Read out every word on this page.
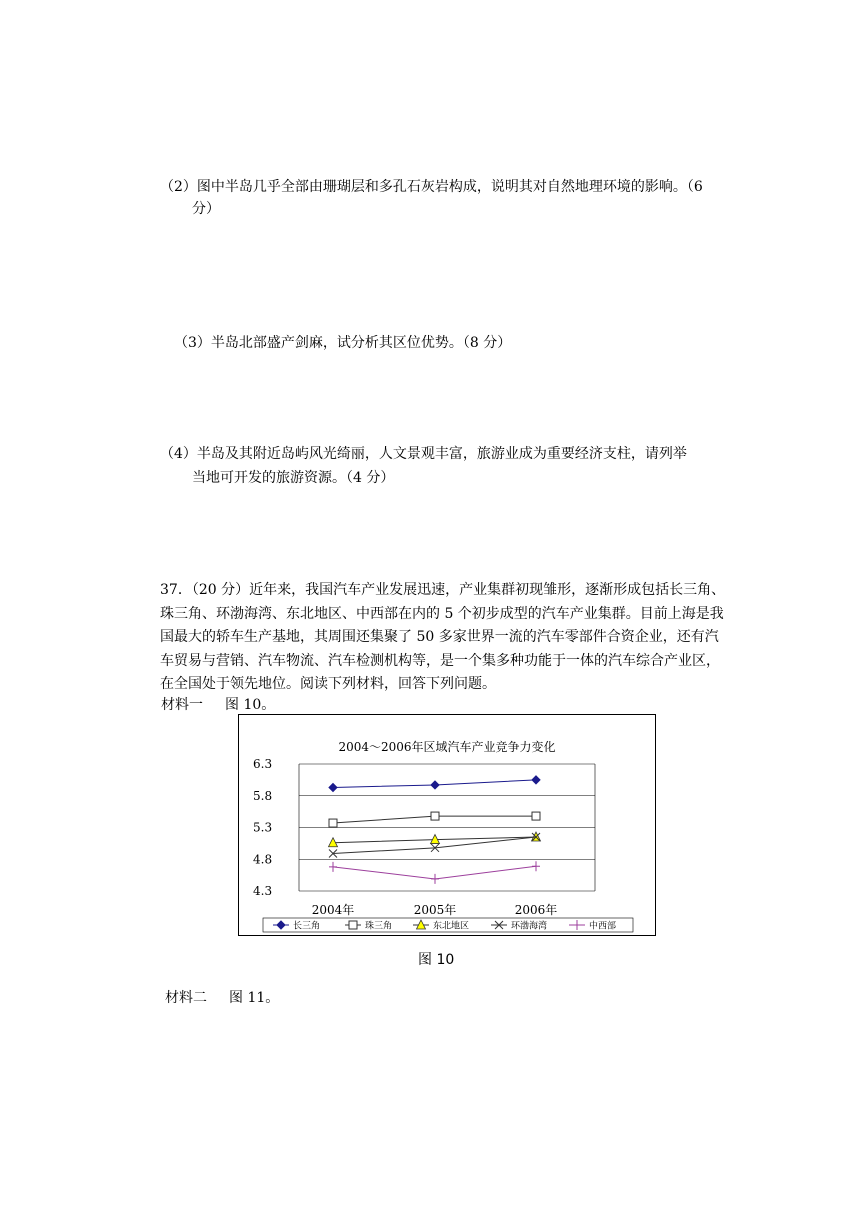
（2）图中半岛几乎全部由珊瑚层和多孔石灰岩构成，说明其对自然地理环境的影响。（6
分）
（3）半岛北部盛产剑麻，试分析其区位优势。（8 分）
（4）半岛及其附近岛屿风光绮丽，人文景观丰富，旅游业成为重要经济支柱，请列举
当地可开发的旅游资源。（4 分）
37．（20 分）近年来，我国汽车产业发展迅速，产业集群初现雏形，逐渐形成包括长三角、
珠三角、环渤海湾、东北地区、中西部在内的 5 个初步成型的汽车产业集群。目前上海是我
国最大的轿车生产基地，其周围还集聚了 50 多家世界一流的汽车零部件合资企业，还有汽
车贸易与营销、汽车物流、汽车检测机构等，是一个集多种功能于一体的汽车综合产业区，
在全国处于领先地位。阅读下列材料，回答下列问题。
材料一 图 10。
2004～2006年区域汽车产业竞争力变化
6.3
5.8
5.3
4.8
4.3
2004年	2005年	2006年
长三角	珠三角	东北地区	环渤海湾	中西部
图 10
材料二 图 11。
